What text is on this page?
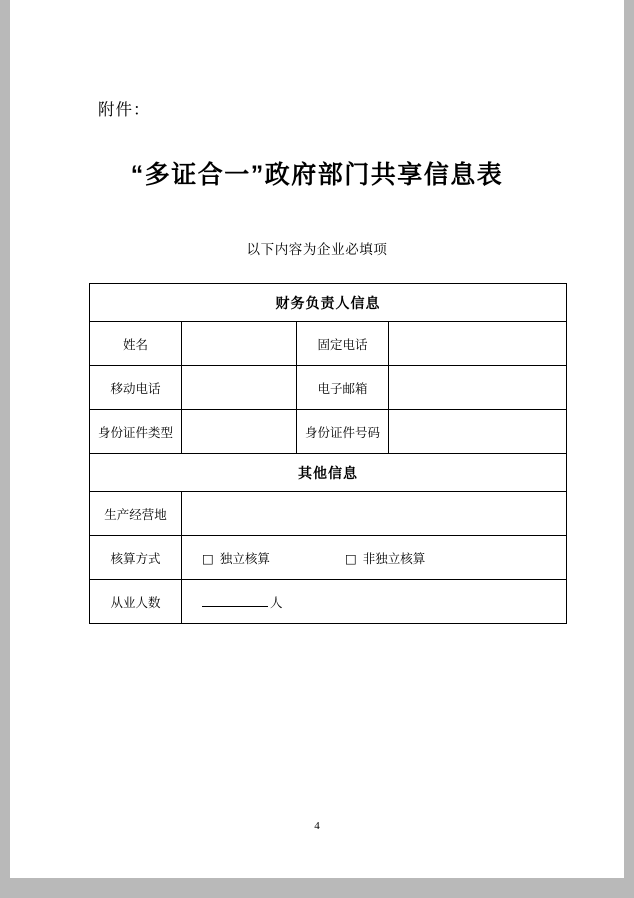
附件：
“多证合一”政府部门共享信息表
以下内容为企业必填项
财务负责人信息			
姓名		固定电话	
移动电话		电子邮箱	
身份证件类型		身份证件号码	
其他信息			
生产经营地			
核算方式	□ 独立核算 □ 非独立核算		
从业人数	人		
4
